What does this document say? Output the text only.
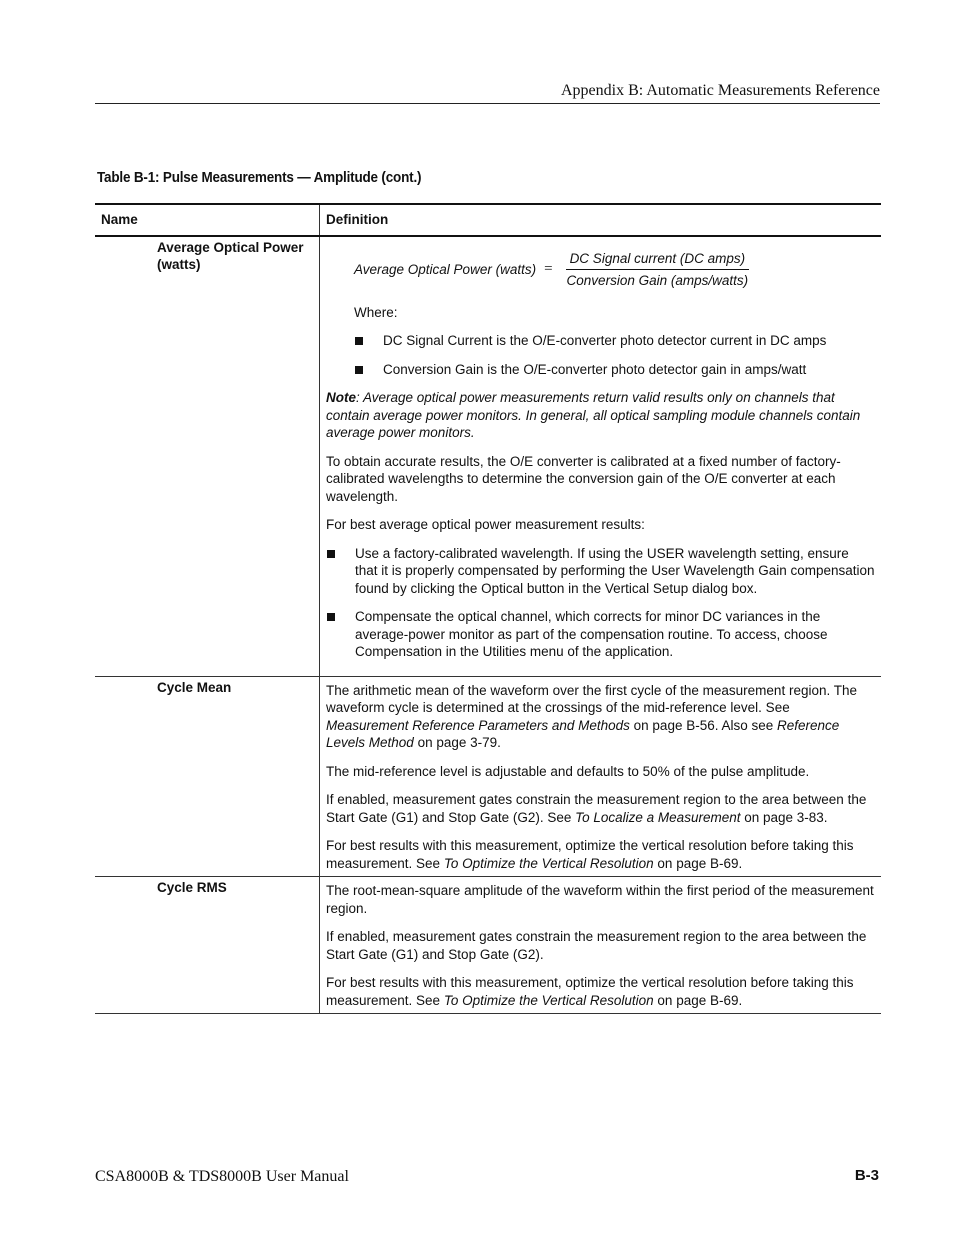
Appendix B: Automatic Measurements Reference
Table B-1: Pulse Measurements — Amplitude (cont.)
Name	Definition
Average Optical Power
(watts)	Average Optical Power (watts) = $\frac{\text{DC Signal current (DC amps)}}{\text{Conversion Gain (amps/watts)}}$
Where:
DC Signal Current is the O/E-converter photo detector current in DC amps
Conversion Gain is the O/E-converter photo detector gain in amps/watt

Note: Average optical power measurements return valid results only on channels that contain average power monitors. In general, all optical sampling module channels contain average power monitors.

To obtain accurate results, the O/E converter is calibrated at a fixed number of factory-calibrated wavelengths to determine the conversion gain of the O/E converter at each wavelength.

For best average optical power measurement results:

Use a factory-calibrated wavelength. If using the USER wavelength setting, ensure that it is properly compensated by performing the User Wavelength Gain compensation found by clicking the Optical button in the Vertical Setup dialog box.
Compensate the optical channel, which corrects for minor DC variances in the average-power monitor as part of the compensation routine. To access, choose Compensation in the Utilities menu of the application.
Cycle Mean	The arithmetic mean of the waveform over the first cycle of the measurement region. The waveform cycle is determined at the crossings of the mid-reference level. See Measurement Reference Parameters and Methods on page B-56. Also see Reference Levels Method on page 3-79.

The mid-reference level is adjustable and defaults to 50% of the pulse amplitude.

If enabled, measurement gates constrain the measurement region to the area between the Start Gate (G1) and Stop Gate (G2). See To Localize a Measurement on page 3-83.

For best results with this measurement, optimize the vertical resolution before taking this measurement. See To Optimize the Vertical Resolution on page B-69.

Cycle RMS	The root-mean-square amplitude of the waveform within the first period of the measurement region.

If enabled, measurement gates constrain the measurement region to the area between the Start Gate (G1) and Stop Gate (G2).

For best results with this measurement, optimize the vertical resolution before taking this measurement. See To Optimize the Vertical Resolution on page B-69.

CSA8000B & TDS8000B User Manual	B-3
